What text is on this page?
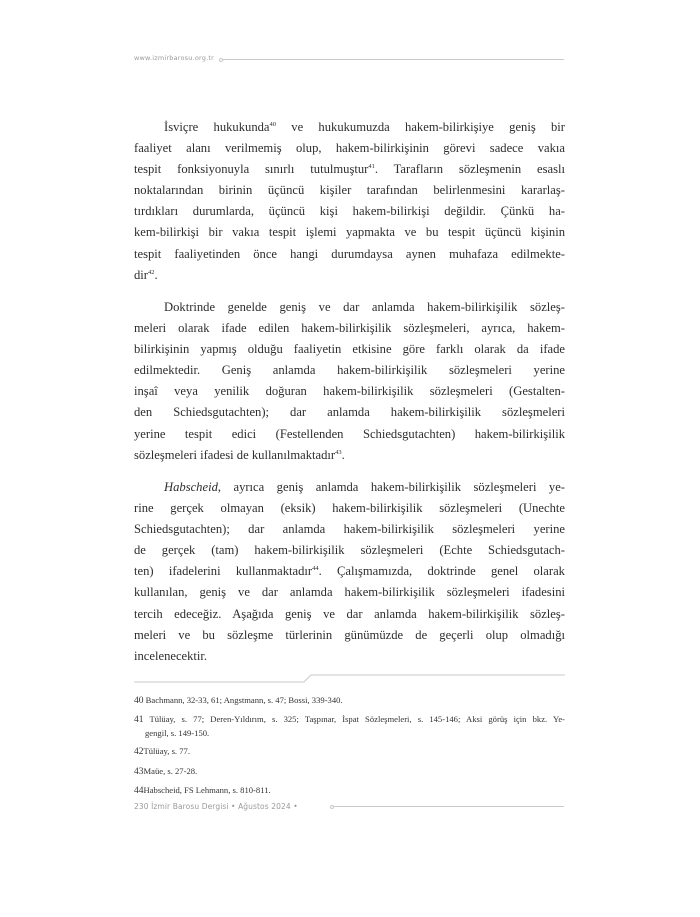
www.izmirbarosu.org.tr
İsviçre hukukunda$^{40}$ ve hukukumuzda hakem-bilirkişiye geniş bir
faaliyet alanı verilmemiş olup, hakem-bilirkişinin görevi sadece vakıa
tespit fonksiyonuyla sınırlı tutulmuştur$^{41}$. Tarafların sözleşmenin esaslı
noktalarından birinin üçüncü kişiler tarafından belirlenmesini kararlaş-
tırdıkları durumlarda, üçüncü kişi hakem-bilirkişi değildir. Çünkü ha-
kem-bilirkişi bir vakıa tespit işlemi yapmakta ve bu tespit üçüncü kişinin
tespit faaliyetinden önce hangi durumdaysa aynen muhafaza edilmekte-
dir$^{42}$.
Doktrinde genelde geniş ve dar anlamda hakem-bilirkişilik sözleş-
meleri olarak ifade edilen hakem-bilirkişilik sözleşmeleri, ayrıca, hakem-
bilirkişinin yapmış olduğu faaliyetin etkisine göre farklı olarak da ifade
edilmektedir. Geniş anlamda hakem-bilirkişilik sözleşmeleri yerine
inşaî veya yenilik doğuran hakem-bilirkişilik sözleşmeleri (Gestalten-
den Schiedsgutachten); dar anlamda hakem-bilirkişilik sözleşmeleri
yerine tespit edici (Festellenden Schiedsgutachten) hakem-bilirkişilik
sözleşmeleri ifadesi de kullanılmaktadır$^{43}$.
Habscheid, ayrıca geniş anlamda hakem-bilirkişilik sözleşmeleri ye-
rine gerçek olmayan (eksik) hakem-bilirkişilik sözleşmeleri (Unechte
Schiedsgutachten); dar anlamda hakem-bilirkişilik sözleşmeleri yerine
de gerçek (tam) hakem-bilirkişilik sözleşmeleri (Echte Schiedsgutach-
ten) ifadelerini kullanmaktadır$^{44}$. Çalışmamızda, doktrinde genel olarak
kullanılan, geniş ve dar anlamda hakem-bilirkişilik sözleşmeleri ifadesini
tercih edeceğiz. Aşağıda geniş ve dar anlamda hakem-bilirkişilik sözleş-
meleri ve bu sözleşme türlerinin günümüzde de geçerli olup olmadığı
incelenecektir.
40 Bachmann, 32-33, 61; Angstmann, s. 47; Bossi, 339-340.
41 Tülüay, s. 77; Deren-Yıldırım, s. 325; Taşpınar, İspat Sözleşmeleri, s. 145-146; Aksi görüş için bkz. Ye-
gengil, s. 149-150.
42Tülüay, s. 77.
43Maüe, s. 27-28.
44Habscheid, FS Lehmann, s. 810-811.
230 İzmir Barosu Dergisi • Ağustos 2024 •
